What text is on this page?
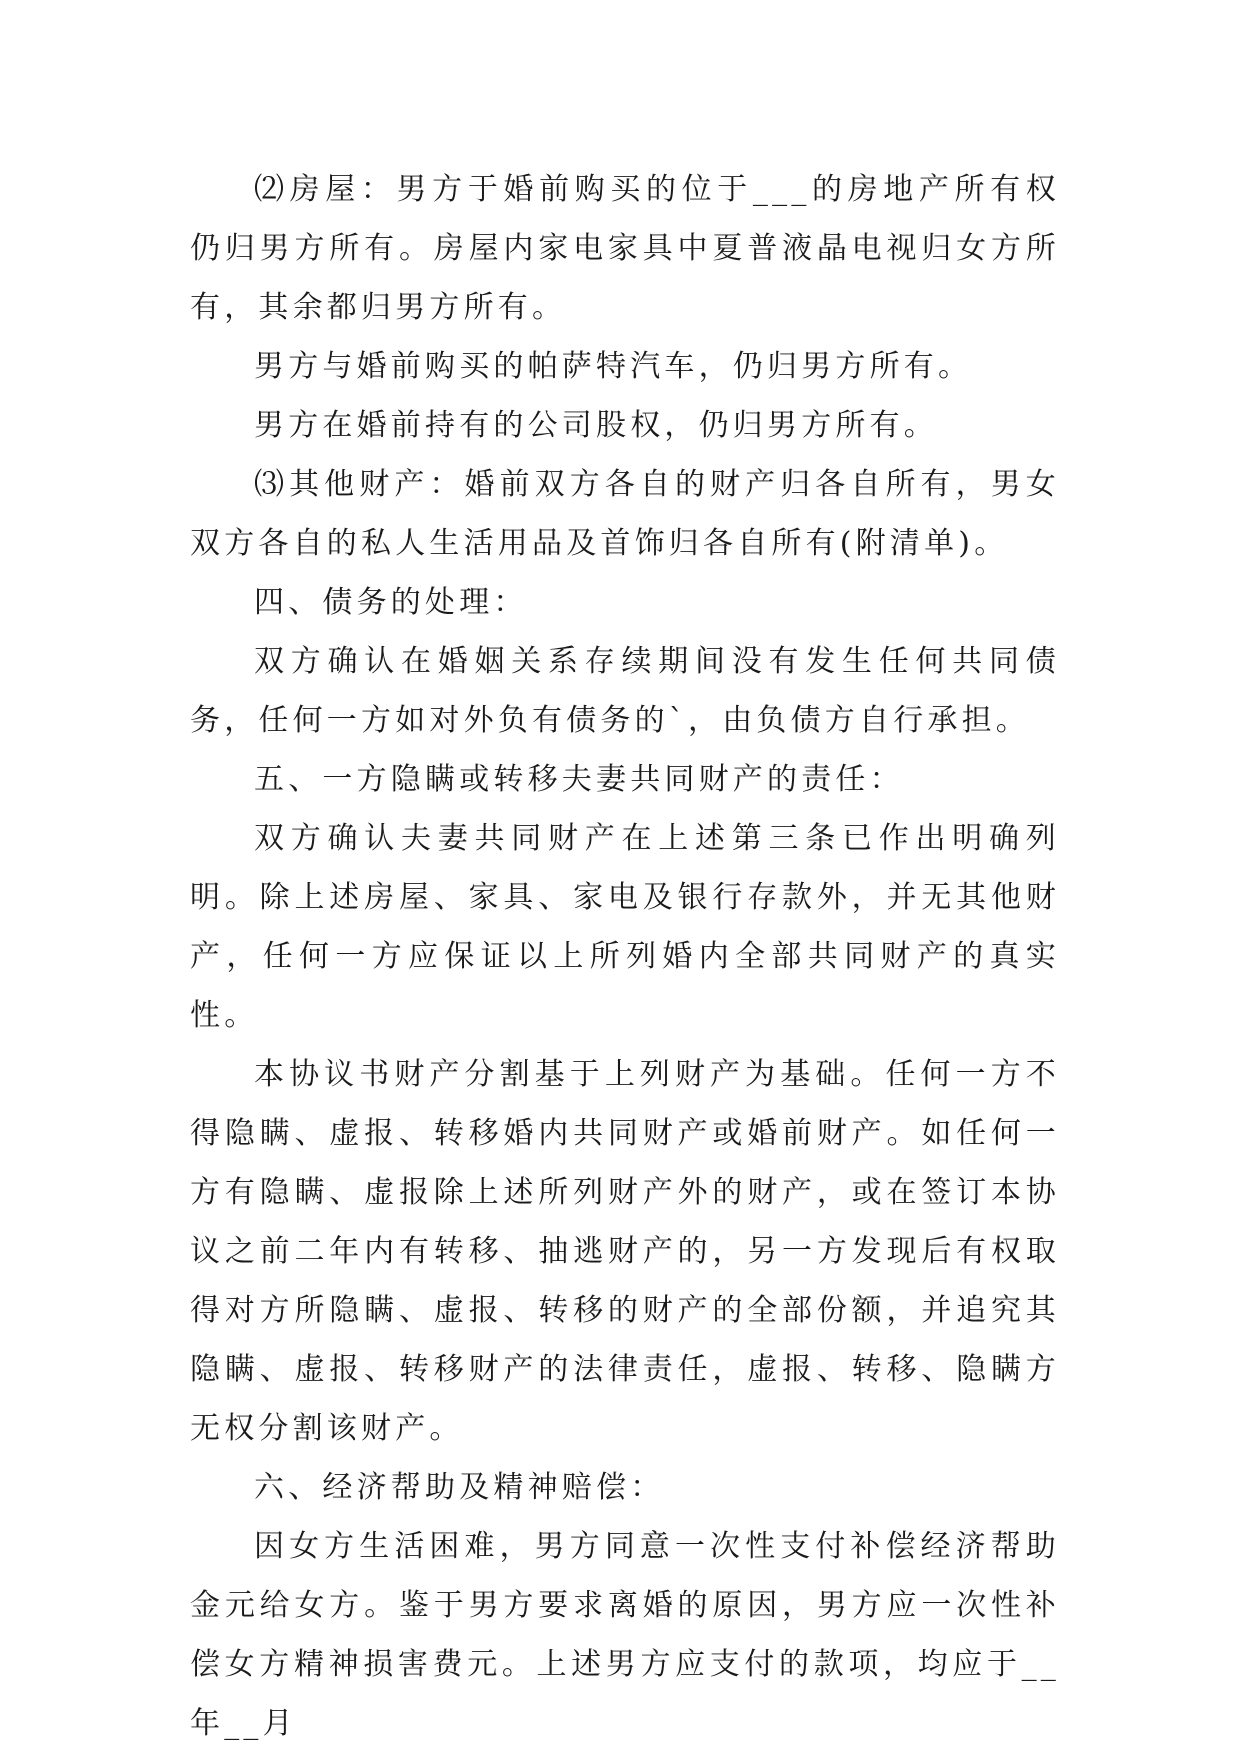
⑵房屋：男方于婚前购买的位于___的房地产所有权仍归男方所有。房屋内家电家具中夏普液晶电视归女方所有，其余都归男方所有。

男方与婚前购买的帕萨特汽车，仍归男方所有。

男方在婚前持有的公司股权，仍归男方所有。

⑶其他财产：婚前双方各自的财产归各自所有，男女双方各自的私人生活用品及首饰归各自所有(附清单)。

四、债务的处理：

双方确认在婚姻关系存续期间没有发生任何共同债务，任何一方如对外负有债务的`，由负债方自行承担。

五、一方隐瞒或转移夫妻共同财产的责任：

双方确认夫妻共同财产在上述第三条已作出明确列明。除上述房屋、家具、家电及银行存款外，并无其他财产，任何一方应保证以上所列婚内全部共同财产的真实性。

本协议书财产分割基于上列财产为基础。任何一方不得隐瞒、虚报、转移婚内共同财产或婚前财产。如任何一方有隐瞒、虚报除上述所列财产外的财产，或在签订本协议之前二年内有转移、抽逃财产的，另一方发现后有权取得对方所隐瞒、虚报、转移的财产的全部份额，并追究其隐瞒、虚报、转移财产的法律责任，虚报、转移、隐瞒方无权分割该财产。

六、经济帮助及精神赔偿：

因女方生活困难，男方同意一次性支付补偿经济帮助金元给女方。鉴于男方要求离婚的原因，男方应一次性补偿女方精神损害费元。上述男方应支付的款项，均应于__年__月
